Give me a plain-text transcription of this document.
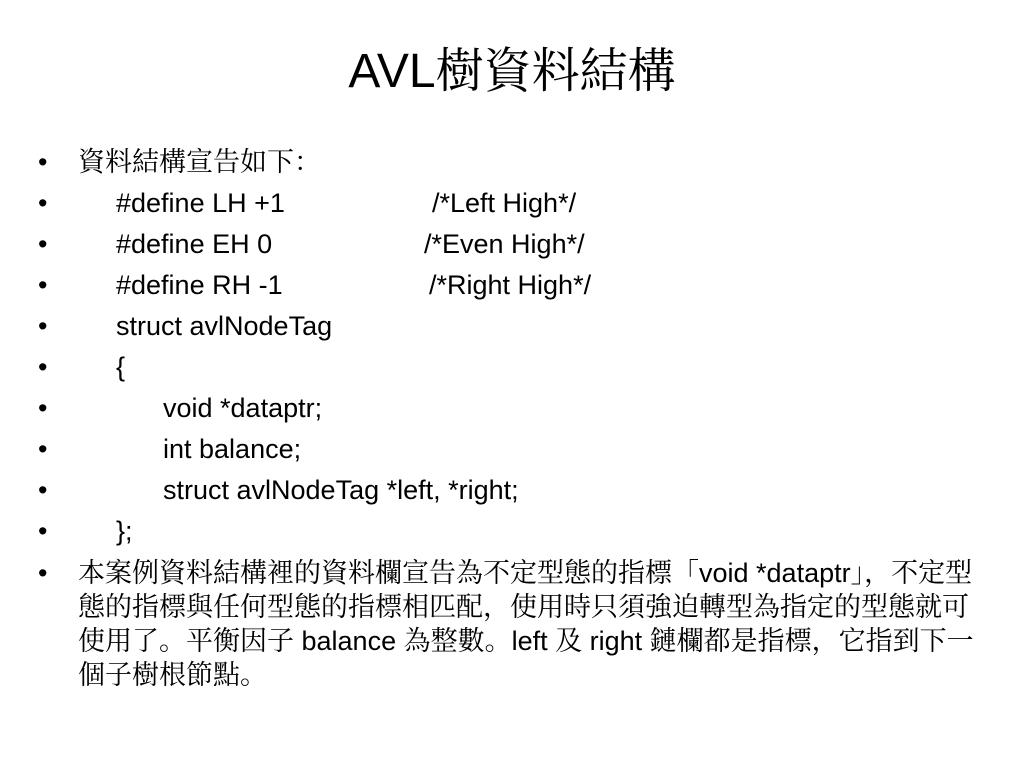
AVL樹資料結構
• 資料結構宣告如下：
•	#define LH +1	/*Left High*/
•	#define EH 0	/*Even High*/
•	#define RH -1	/*Right High*/
•	struct avlNodeTag
•	{
•	void *dataptr;
•	int balance;
•	struct avlNodeTag *left, *right;
•	};
• 本案例資料結構裡的資料欄宣告為不定型態的指標「void *dataptr」，不定型態的指標與任何型態的指標相匹配，使用時只須強迫轉型為指定的型態就可使用了。平衡因子 balance 為整數。left 及 right 鏈欄都是指標，它指到下一個子樹根節點。
